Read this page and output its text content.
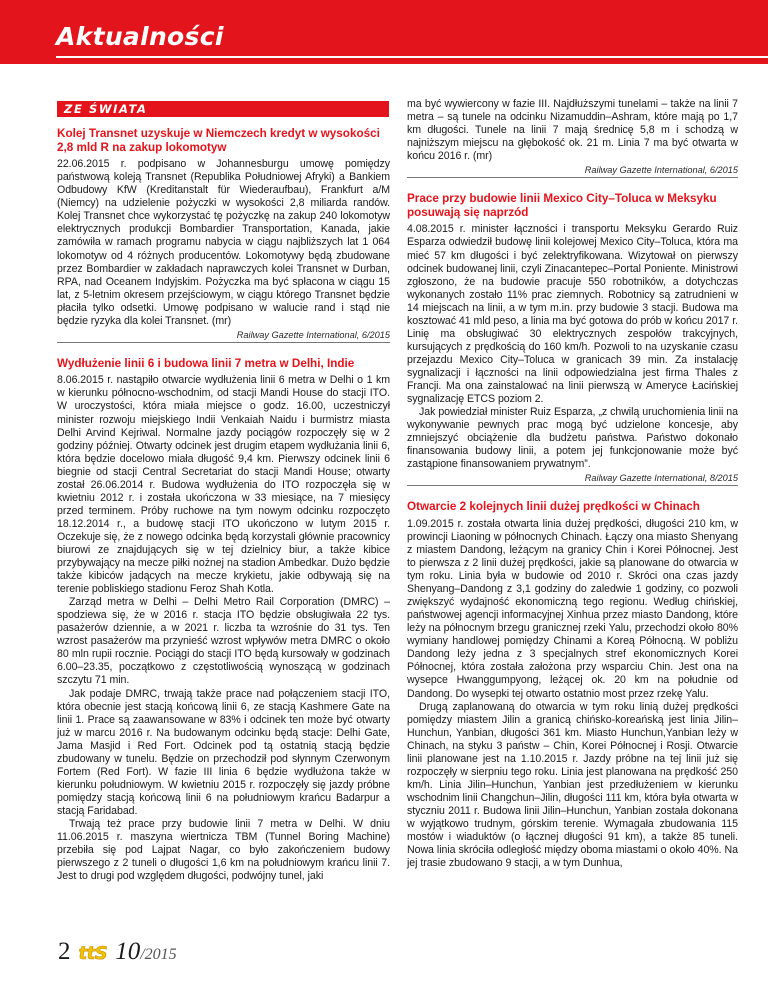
Aktualności
ZE ŚWIATA
Kolej Transnet uzyskuje w Niemczech kredyt w wysokości 2,8 mld R na zakup lokomotyw

22.06.2015 r. podpisano w Johannesburgu umowę pomiędzy państwową koleją Transnet (Republika Południowej Afryki) a Bankiem Odbudowy KfW (Kreditanstalt für Wiederaufbau), Frankfurt a/M (Niemcy) na udzielenie pożyczki w wysokości 2,8 miliarda randów. Kolej Transnet chce wykorzystać tę pożyczkę na zakup 240 lokomotyw elektrycznych produkcji Bombardier Transportation, Kanada, jakie zamówiła w ramach programu nabycia w ciągu najbliższych lat 1 064 lokomotyw od 4 różnych producentów. Lokomotywy będą zbudowane przez Bombardier w zakładach naprawczych kolei Transnet w Durban, RPA, nad Oceanem Indyjskim. Pożyczka ma być spłacona w ciągu 15 lat, z 5-letnim okresem przejściowym, w ciągu którego Transnet będzie płaciła tylko odsetki. Umowę podpisano w walucie rand i stąd nie będzie ryzyka dla kolei Transnet. (mr)

Railway Gazette International, 6/2015
Wydłużenie linii 6 i budowa linii 7 metra w Delhi, Indie

8.06.2015 r. nastąpiło otwarcie wydłużenia linii 6 metra w Delhi o 1 km w kierunku północno-wschodnim, od stacji Mandi House do stacji ITO. W uroczystości, która miała miejsce o godz. 16.00, uczestniczył minister rozwoju miejskiego Indii Venkaiah Naidu i burmistrz miasta Delhi Arvind Kejriwal. Normalne jazdy pociągów rozpoczęły się w 2 godziny później. Otwarty odcinek jest drugim etapem wydłużania linii 6, która będzie docelowo miała długość 9,4 km. Pierwszy odcinek linii 6 biegnie od stacji Central Secretariat do stacji Mandi House; otwarty został 26.06.2014 r. Budowa wydłużenia do ITO rozpoczęła się w kwietniu 2012 r. i została ukończona w 33 miesiące, na 7 miesięcy przed terminem. Próby ruchowe na tym nowym odcinku rozpoczęto 18.12.2014 r., a budowę stacji ITO ukończono w lutym 2015 r. Oczekuje się, że z nowego odcinka będą korzystali głównie pracownicy biurowi ze znajdujących się w tej dzielnicy biur, a także kibice przybywający na mecze piłki nożnej na stadion Ambedkar. Dużo będzie także kibiców jadących na mecze krykietu, jakie odbywają się na terenie pobliskiego stadionu Feroz Shah Kotla.

Zarząd metra w Delhi – Delhi Metro Rail Corporation (DMRC) – spodziewa się, że w 2016 r. stacja ITO będzie obsługiwała 22 tys. pasażerów dziennie, a w 2021 r. liczba ta wzrośnie do 31 tys. Ten wzrost pasażerów ma przynieść wzrost wpływów metra DMRC o około 80 mln rupii rocznie. Pociągi do stacji ITO będą kursowały w godzinach 6.00–23.35, początkowo z częstotliwością wynoszącą w godzinach szczytu 71 min.

Jak podaje DMRC, trwają także prace nad połączeniem stacji ITO, która obecnie jest stacją końcową linii 6, ze stacją Kashmere Gate na linii 1. Prace są zaawansowane w 83% i odcinek ten może być otwarty już w marcu 2016 r. Na budowanym odcinku będą stacje: Delhi Gate, Jama Masjid i Red Fort. Odcinek pod tą ostatnią stacją będzie zbudowany w tunelu. Będzie on przechodził pod słynnym Czerwonym Fortem (Red Fort). W fazie III linia 6 będzie wydłużona także w kierunku południowym. W kwietniu 2015 r. rozpoczęły się jazdy próbne pomiędzy stacją końcową linii 6 na południowym krańcu Badarpur a stacją Faridabad.

Trwają też prace przy budowie linii 7 metra w Delhi. W dniu 11.06.2015 r. maszyna wiertnicza TBM (Tunnel Boring Machine) przebiła się pod Lajpat Nagar, co było zakończeniem budowy pierwszego z 2 tuneli o długości 1,6 km na południowym krańcu linii 7. Jest to drugi pod względem długości, podwójny tunel, jaki

ma być wywiercony w fazie III. Najdłuższymi tunelami – także na linii 7 metra – są tunele na odcinku Nizamuddin–Ashram, które mają po 1,7 km długości. Tunele na linii 7 mają średnicę 5,8 m i schodzą w najniższym miejscu na głębokość ok. 21 m. Linia 7 ma być otwarta w końcu 2016 r. (mr)

Railway Gazette International, 6/2015
Prace przy budowie linii Mexico City–Toluca w Meksyku posuwają się naprzód

4.08.2015 r. minister łączności i transportu Meksyku Gerardo Ruiz Esparza odwiedził budowę linii kolejowej Mexico City–Toluca, która ma mieć 57 km długości i być zelektryfikowana. Wizytował on pierwszy odcinek budowanej linii, czyli Zinacantepec–Portal Poniente. Ministrowi zgłoszono, że na budowie pracuje 550 robotników, a dotychczas wykonanych zostało 11% prac ziemnych. Robotnicy są zatrudnieni w 14 miejscach na linii, a w tym m.in. przy budowie 3 stacji. Budowa ma kosztować 41 mld peso, a linia ma być gotowa do prób w końcu 2017 r. Linię ma obsługiwać 30 elektrycznych zespołów trakcyjnych, kursujących z prędkością do 160 km/h. Pozwoli to na uzyskanie czasu przejazdu Mexico City–Toluca w granicach 39 min. Za instalację sygnalizacji i łączności na linii odpowiedzialna jest firma Thales z Francji. Ma ona zainstalować na linii pierwszą w Ameryce Łacińskiej sygnalizację ETCS poziom 2.

Jak powiedział minister Ruiz Esparza, „z chwilą uruchomienia linii na wykonywanie pewnych prac mogą być udzielone koncesje, aby zmniejszyć obciążenie dla budżetu państwa. Państwo dokonało finansowania budowy linii, a potem jej funkcjonowanie może być zastąpione finansowaniem prywatnym”.

Railway Gazette International, 8/2015
Otwarcie 2 kolejnych linii dużej prędkości w Chinach

1.09.2015 r. została otwarta linia dużej prędkości, długości 210 km, w prowincji Liaoning w północnych Chinach. Łączy ona miasto Shenyang z miastem Dandong, leżącym na granicy Chin i Korei Północnej. Jest to pierwsza z 2 linii dużej prędkości, jakie są planowane do otwarcia w tym roku. Linia była w budowie od 2010 r. Skróci ona czas jazdy Shenyang–Dandong z 3,1 godziny do zaledwie 1 godziny, co pozwoli zwiększyć wydajność ekonomiczną tego regionu. Według chińskiej, państwowej agencji informacyjnej Xinhua przez miasto Dandong, które leży na północnym brzegu granicznej rzeki Yalu, przechodzi około 80% wymiany handlowej pomiędzy Chinami a Koreą Północną. W pobliżu Dandong leży jedna z 3 specjalnych stref ekonomicznych Korei Północnej, która została założona przy wsparciu Chin. Jest ona na wysepce Hwanggumpyong, leżącej ok. 20 km na południe od Dandong. Do wysepki tej otwarto ostatnio most przez rzekę Yalu.

Drugą zaplanowaną do otwarcia w tym roku linią dużej prędkości pomiędzy miastem Jilin a granicą chińsko-koreańską jest linia Jilin–Hunchun, Yanbian, długości 361 km. Miasto Hunchun,Yanbian leży w Chinach, na styku 3 państw – Chin, Korei Północnej i Rosji. Otwarcie linii planowane jest na 1.10.2015 r. Jazdy próbne na tej linii już się rozpoczęły w sierpniu tego roku. Linia jest planowana na prędkość 250 km/h. Linia Jilin–Hunchun, Yanbian jest przedłużeniem w kierunku wschodnim linii Changchun–Jilin, długości 111 km, która była otwarta w styczniu 2011 r. Budowa linii Jilin–Hunchun, Yanbian została dokonana w wyjątkowo trudnym, górskim terenie. Wymagała zbudowania 115 mostów i wiaduktów (o łącznej długości 91 km), a także 85 tuneli. Nowa linia skróciła odległość między oboma miastami o około 40%. Na jej trasie zbudowano 9 stacji, a w tym Dunhua,

2 ttS 10 /2015
